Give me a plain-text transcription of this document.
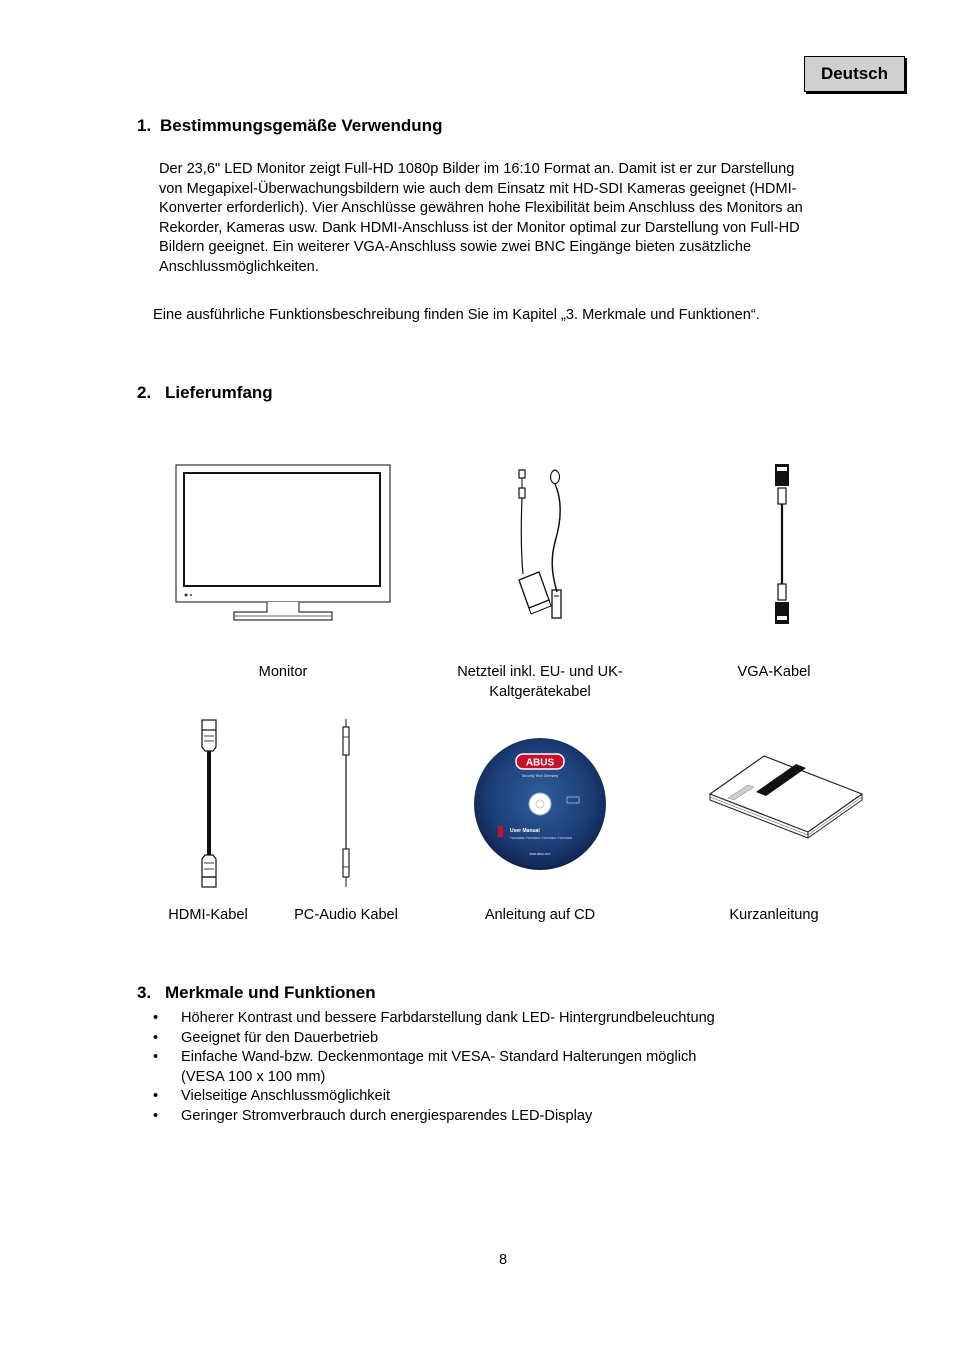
Deutsch
1. Bestimmungsgemäße Verwendung
Der 23,6" LED Monitor zeigt Full-HD 1080p Bilder im 16:10 Format an. Damit ist er zur Darstellung
von Megapixel-Überwachungsbildern wie auch dem Einsatz mit HD-SDI Kameras geeignet (HDMI-
Konverter erforderlich). Vier Anschlüsse gewähren hohe Flexibilität beim Anschluss des Monitors an
Rekorder, Kameras usw. Dank HDMI-Anschluss ist der Monitor optimal zur Darstellung von Full-HD
Bildern geeignet. Ein weiterer VGA-Anschluss sowie zwei BNC Eingänge bieten zusätzliche
Anschlussmöglichkeiten.
Eine ausführliche Funktionsbeschreibung finden Sie im Kapitel „3. Merkmale und Funktionen“.
2. Lieferumfang
Monitor	Netzteil inkl. EU- und UK-
Kaltgerätekabel
VGA-Kabel
ABUS
Security Tech Germany
User Manual
TVAC10000 / TVAC10001 / TVAC10010 / TVAC10020
www.abus.com
HDMI-Kabel	PC-Audio Kabel	Anleitung auf CD	Kurzanleitung
3. Merkmale und Funktionen
• Höherer Kontrast und bessere Farbdarstellung dank LED- Hintergrundbeleuchtung
• Geeignet für den Dauerbetrieb
• Einfache Wand-bzw. Deckenmontage mit VESA- Standard Halterungen möglich
(VESA 100 x 100 mm)
• Vielseitige Anschlussmöglichkeit
• Geringer Stromverbrauch durch energiesparendes LED-Display
8
